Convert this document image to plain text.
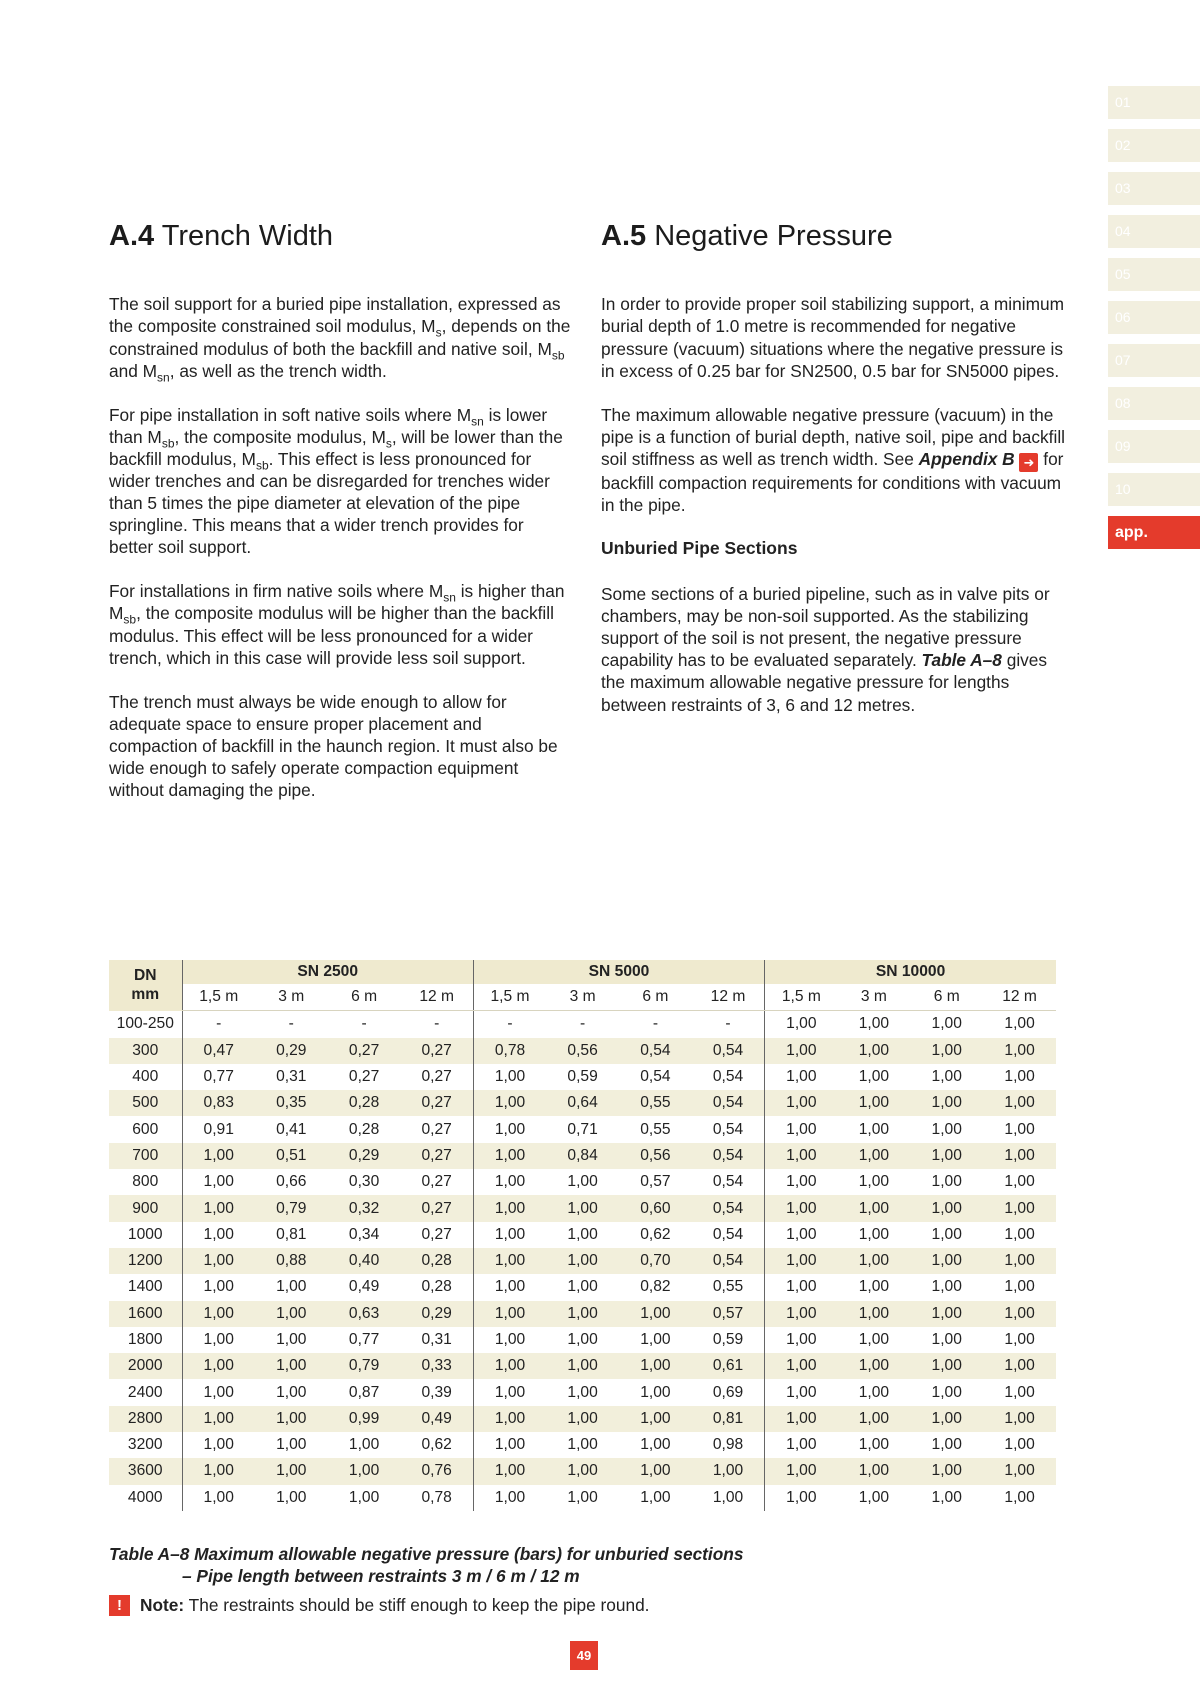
01
02
03
04
05
06
07
08
09
10
app.
A.4 Trench Width

The soil support for a buried pipe installation, expressed as the composite constrained soil modulus, $M_s$, depends on the constrained modulus of both the backfill and native soil, $M_{sb}$ and $M_{sn}$, as well as the trench width.

For pipe installation in soft native soils where $M_{sn}$ is lower than $M_{sb}$, the composite modulus, $M_s$, will be lower than the backfill modulus, $M_{sb}$. This effect is less pronounced for wider trenches and can be disregarded for trenches wider than 5 times the pipe diameter at elevation of the pipe springline. This means that a wider trench provides for better soil support.

For installations in firm native soils where $M_{sn}$ is higher than $M_{sb}$, the composite modulus will be higher than the backfill modulus. This effect will be less pronounced for a wider trench, which in this case will provide less soil support.

The trench must always be wide enough to allow for adequate space to ensure proper placement and compaction of backfill in the haunch region. It must also be wide enough to safely operate compaction equipment without damaging the pipe.

A.5 Negative Pressure

In order to provide proper soil stabilizing support, a minimum burial depth of 1.0 metre is recommended for negative pressure (vacuum) situations where the negative pressure is in excess of 0.25 bar for SN2500, 0.5 bar for SN5000 pipes.

The maximum allowable negative pressure (vacuum) in the pipe is a function of burial depth, native soil, pipe and backfill soil stiffness as well as trench width. See Appendix B ➜ for backfill compaction requirements for conditions with vacuum in the pipe.

Unburied Pipe Sections

Some sections of a buried pipeline, such as in valve pits or chambers, may be non-soil supported. As the stabilizing support of the soil is not present, the negative pressure capability has to be evaluated separately. Table A–8 gives the maximum allowable negative pressure for lengths between restraints of 3, 6 and 12 metres.

DN
mm	SN 2500				SN 5000				SN 10000			
	1,5 m	3 m	6 m	12 m	1,5 m	3 m	6 m	12 m	1,5 m	3 m	6 m	12 m
100-250	-	-	-	-	-	-	-	-	1,00	1,00	1,00	1,00
300	0,47	0,29	0,27	0,27	0,78	0,56	0,54	0,54	1,00	1,00	1,00	1,00
400	0,77	0,31	0,27	0,27	1,00	0,59	0,54	0,54	1,00	1,00	1,00	1,00
500	0,83	0,35	0,28	0,27	1,00	0,64	0,55	0,54	1,00	1,00	1,00	1,00
600	0,91	0,41	0,28	0,27	1,00	0,71	0,55	0,54	1,00	1,00	1,00	1,00
700	1,00	0,51	0,29	0,27	1,00	0,84	0,56	0,54	1,00	1,00	1,00	1,00
800	1,00	0,66	0,30	0,27	1,00	1,00	0,57	0,54	1,00	1,00	1,00	1,00
900	1,00	0,79	0,32	0,27	1,00	1,00	0,60	0,54	1,00	1,00	1,00	1,00
1000	1,00	0,81	0,34	0,27	1,00	1,00	0,62	0,54	1,00	1,00	1,00	1,00
1200	1,00	0,88	0,40	0,28	1,00	1,00	0,70	0,54	1,00	1,00	1,00	1,00
1400	1,00	1,00	0,49	0,28	1,00	1,00	0,82	0,55	1,00	1,00	1,00	1,00
1600	1,00	1,00	0,63	0,29	1,00	1,00	1,00	0,57	1,00	1,00	1,00	1,00
1800	1,00	1,00	0,77	0,31	1,00	1,00	1,00	0,59	1,00	1,00	1,00	1,00
2000	1,00	1,00	0,79	0,33	1,00	1,00	1,00	0,61	1,00	1,00	1,00	1,00
2400	1,00	1,00	0,87	0,39	1,00	1,00	1,00	0,69	1,00	1,00	1,00	1,00
2800	1,00	1,00	0,99	0,49	1,00	1,00	1,00	0,81	1,00	1,00	1,00	1,00
3200	1,00	1,00	1,00	0,62	1,00	1,00	1,00	0,98	1,00	1,00	1,00	1,00
3600	1,00	1,00	1,00	0,76	1,00	1,00	1,00	1,00	1,00	1,00	1,00	1,00
4000	1,00	1,00	1,00	0,78	1,00	1,00	1,00	1,00	1,00	1,00	1,00	1,00
Table A–8 Maximum allowable negative pressure (bars) for unburied sections
– Pipe length between restraints 3 m / 6 m / 12 m
! Note: The restraints should be stiff enough to keep the pipe round.
49
